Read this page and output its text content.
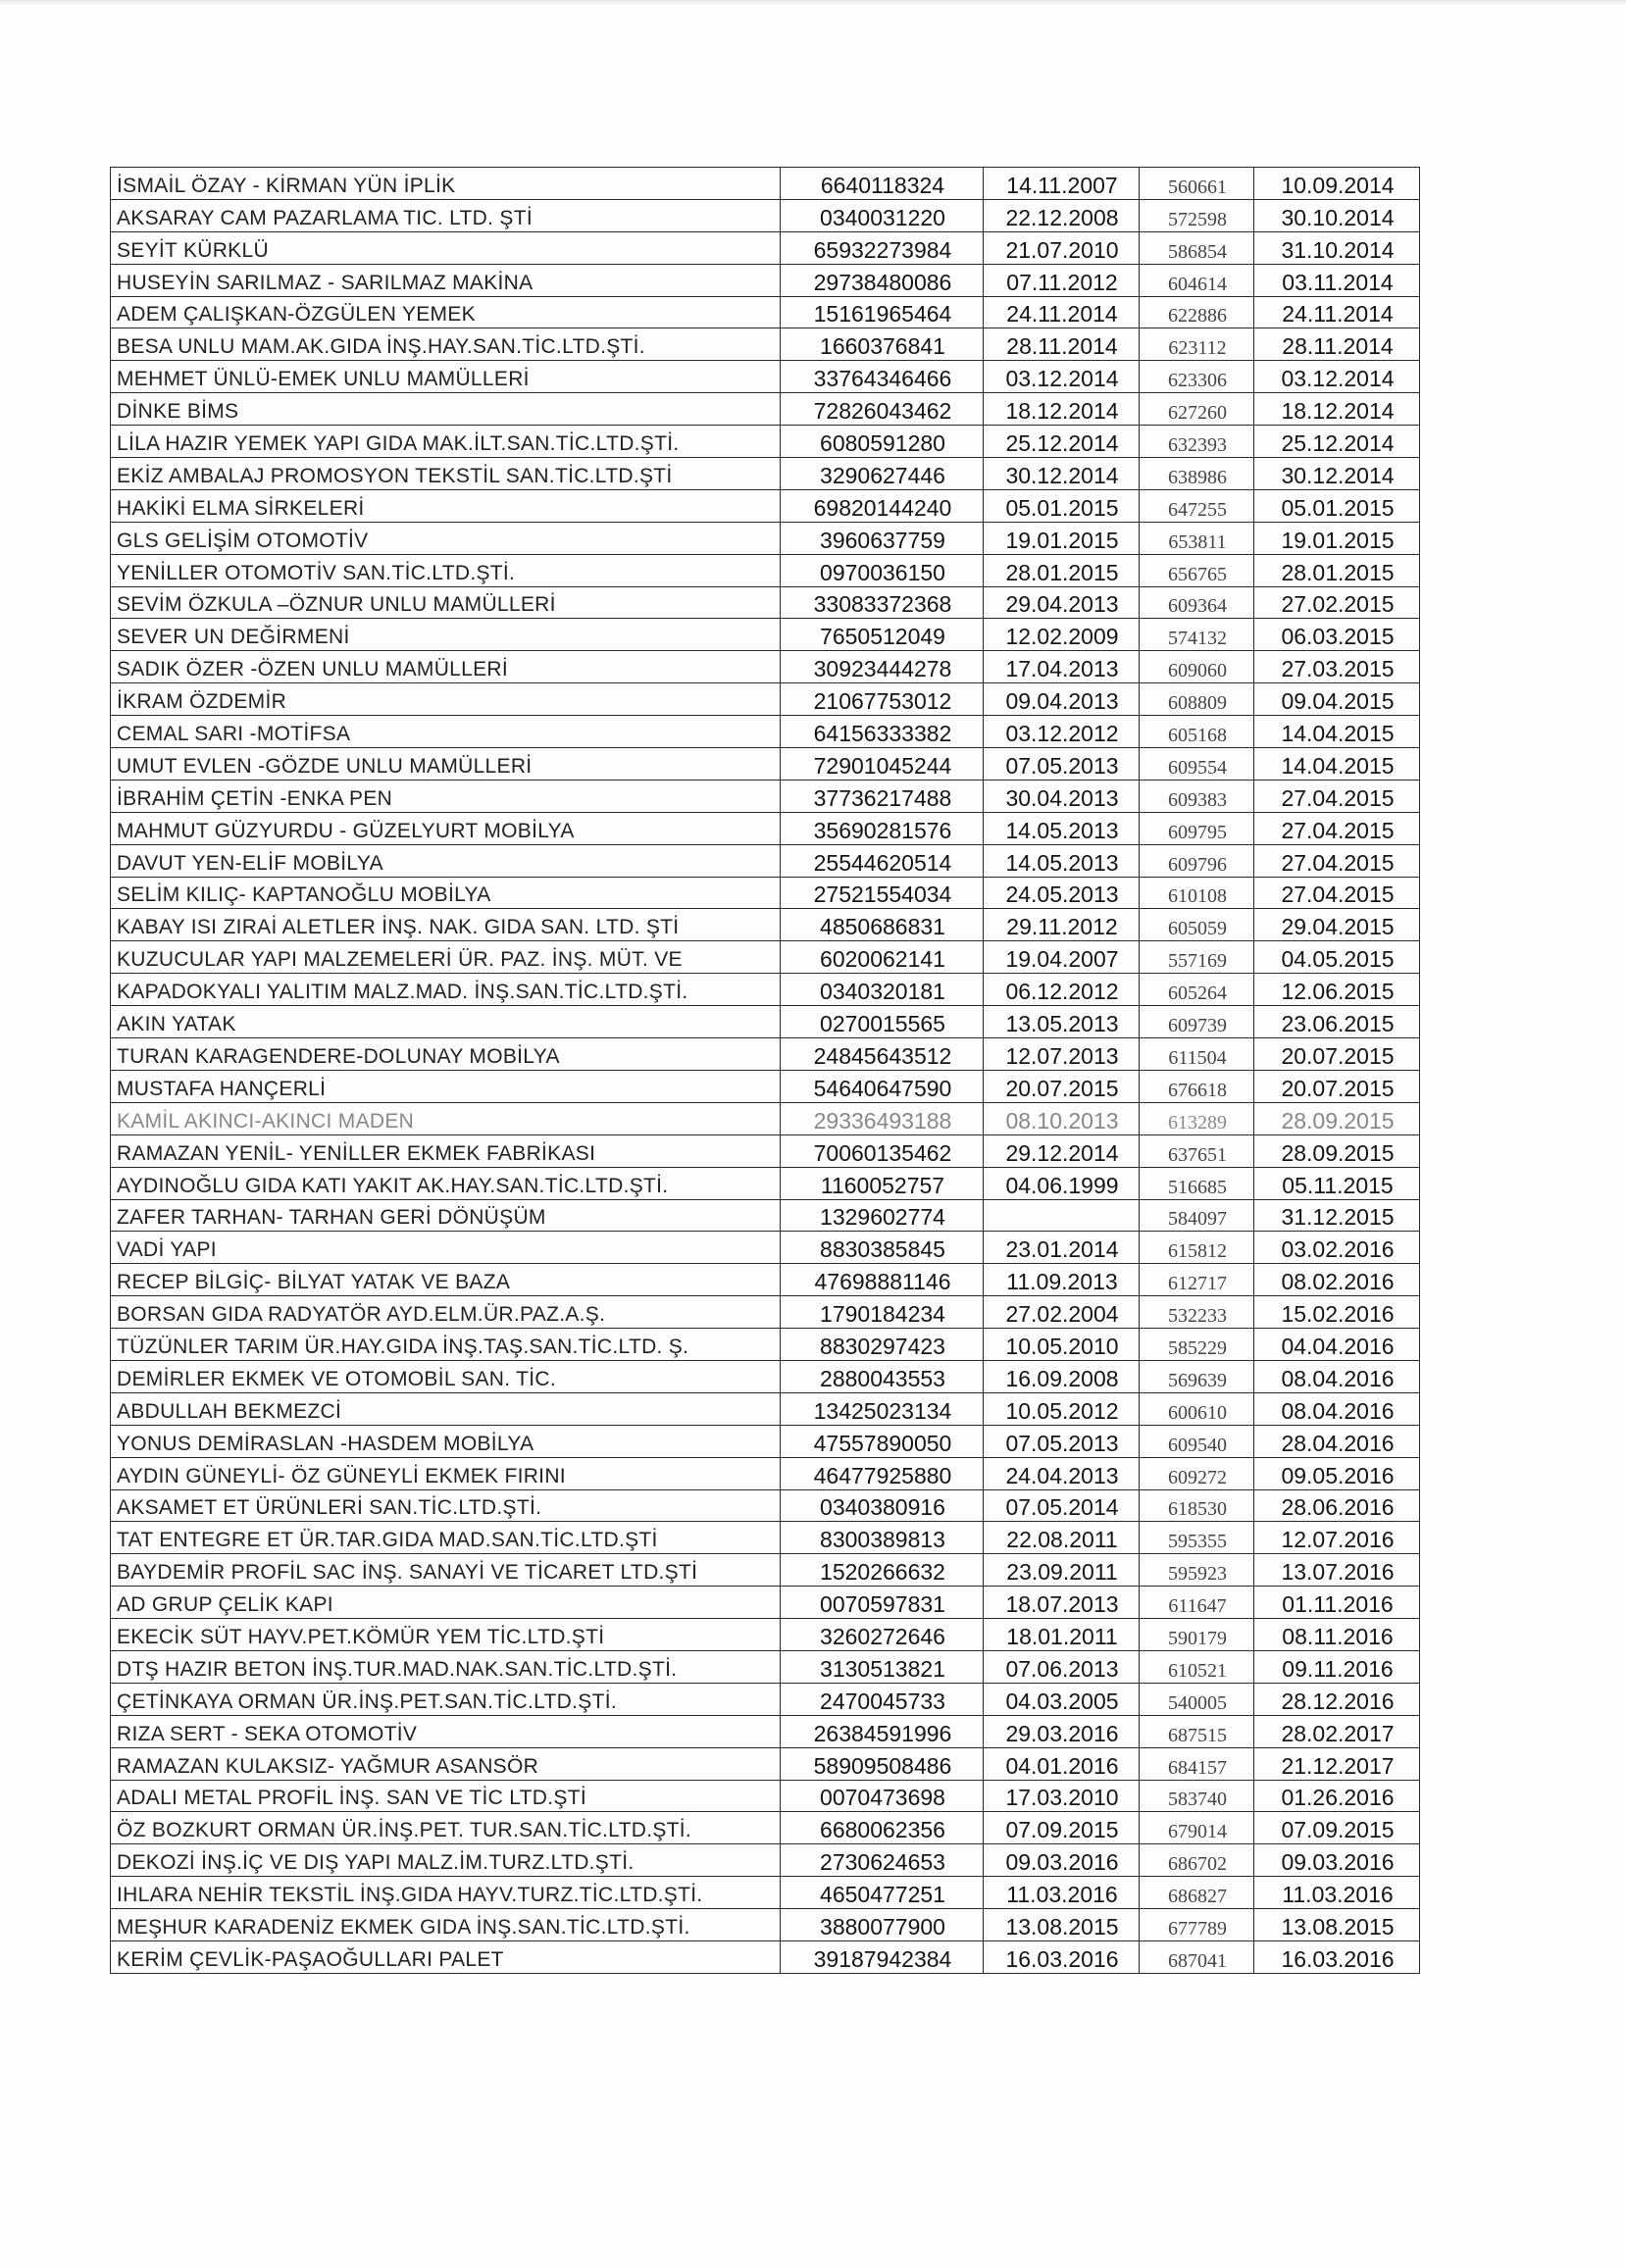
İSMAİL ÖZAY - KİRMAN YÜN İPLİK	6640118324	14.11.2007	560661	10.09.2014
AKSARAY CAM PAZARLAMA TIC. LTD. ŞTİ	0340031220	22.12.2008	572598	30.10.2014
SEYİT KÜRKLÜ	65932273984	21.07.2010	586854	31.10.2014
HUSEYİN SARILMAZ - SARILMAZ MAKİNA	29738480086	07.11.2012	604614	03.11.2014
ADEM ÇALIŞKAN-ÖZGÜLEN YEMEK	15161965464	24.11.2014	622886	24.11.2014
BESA UNLU MAM.AK.GIDA İNŞ.HAY.SAN.TİC.LTD.ŞTİ.	1660376841	28.11.2014	623112	28.11.2014
MEHMET ÜNLÜ-EMEK UNLU MAMÜLLERİ	33764346466	03.12.2014	623306	03.12.2014
DİNKE BİMS	72826043462	18.12.2014	627260	18.12.2014
LİLA HAZIR YEMEK YAPI GIDA MAK.İLT.SAN.TİC.LTD.ŞTİ.	6080591280	25.12.2014	632393	25.12.2014
EKİZ AMBALAJ PROMOSYON TEKSTİL SAN.TİC.LTD.ŞTİ	3290627446	30.12.2014	638986	30.12.2014
HAKİKİ ELMA SİRKELERİ	69820144240	05.01.2015	647255	05.01.2015
GLS GELİŞİM OTOMOTİV	3960637759	19.01.2015	653811	19.01.2015
YENİLLER OTOMOTİV SAN.TİC.LTD.ŞTİ.	0970036150	28.01.2015	656765	28.01.2015
SEVİM ÖZKULA –ÖZNUR UNLU MAMÜLLERİ	33083372368	29.04.2013	609364	27.02.2015
SEVER UN DEĞİRMENİ	7650512049	12.02.2009	574132	06.03.2015
SADIK ÖZER -ÖZEN UNLU MAMÜLLERİ	30923444278	17.04.2013	609060	27.03.2015
İKRAM ÖZDEMİR	21067753012	09.04.2013	608809	09.04.2015
CEMAL SARI -MOTİFSA	64156333382	03.12.2012	605168	14.04.2015
UMUT EVLEN -GÖZDE UNLU MAMÜLLERİ	72901045244	07.05.2013	609554	14.04.2015
İBRAHİM ÇETİN -ENKA PEN	37736217488	30.04.2013	609383	27.04.2015
MAHMUT GÜZYURDU - GÜZELYURT MOBİLYA	35690281576	14.05.2013	609795	27.04.2015
DAVUT YEN-ELİF MOBİLYA	25544620514	14.05.2013	609796	27.04.2015
SELİM KILIÇ- KAPTANOĞLU MOBİLYA	27521554034	24.05.2013	610108	27.04.2015
KABAY ISI ZIRAİ ALETLER İNŞ. NAK. GIDA SAN. LTD. ŞTİ	4850686831	29.11.2012	605059	29.04.2015
KUZUCULAR YAPI MALZEMELERİ ÜR. PAZ. İNŞ. MÜT. VE	6020062141	19.04.2007	557169	04.05.2015
KAPADOKYALI YALITIM MALZ.MAD. İNŞ.SAN.TİC.LTD.ŞTİ.	0340320181	06.12.2012	605264	12.06.2015
AKIN YATAK	0270015565	13.05.2013	609739	23.06.2015
TURAN KARAGENDERE-DOLUNAY MOBİLYA	24845643512	12.07.2013	611504	20.07.2015
MUSTAFA HANÇERLİ	54640647590	20.07.2015	676618	20.07.2015
KAMİL AKINCI-AKINCI MADEN	29336493188	08.10.2013	613289	28.09.2015
RAMAZAN YENİL- YENİLLER EKMEK FABRİKASI	70060135462	29.12.2014	637651	28.09.2015
AYDINOĞLU GIDA KATI YAKIT AK.HAY.SAN.TİC.LTD.ŞTİ.	1160052757	04.06.1999	516685	05.11.2015
ZAFER TARHAN- TARHAN GERİ DÖNÜŞÜM	1329602774		584097	31.12.2015
VADİ YAPI	8830385845	23.01.2014	615812	03.02.2016
RECEP BİLGİÇ- BİLYAT YATAK VE BAZA	47698881146	11.09.2013	612717	08.02.2016
BORSAN GIDA RADYATÖR AYD.ELM.ÜR.PAZ.A.Ş.	1790184234	27.02.2004	532233	15.02.2016
TÜZÜNLER TARIM ÜR.HAY.GIDA İNŞ.TAŞ.SAN.TİC.LTD. Ş.	8830297423	10.05.2010	585229	04.04.2016
DEMİRLER EKMEK VE OTOMOBİL SAN. TİC.	2880043553	16.09.2008	569639	08.04.2016
ABDULLAH BEKMEZCİ	13425023134	10.05.2012	600610	08.04.2016
YONUS DEMİRASLAN -HASDEM MOBİLYA	47557890050	07.05.2013	609540	28.04.2016
AYDIN GÜNEYLİ- ÖZ GÜNEYLİ EKMEK FIRINI	46477925880	24.04.2013	609272	09.05.2016
AKSAMET ET ÜRÜNLERİ SAN.TİC.LTD.ŞTİ.	0340380916	07.05.2014	618530	28.06.2016
TAT ENTEGRE ET ÜR.TAR.GIDA MAD.SAN.TİC.LTD.ŞTİ	8300389813	22.08.2011	595355	12.07.2016
BAYDEMİR PROFİL SAC İNŞ. SANAYİ VE TİCARET LTD.ŞTİ	1520266632	23.09.2011	595923	13.07.2016
AD GRUP ÇELİK KAPI	0070597831	18.07.2013	611647	01.11.2016
EKECİK SÜT HAYV.PET.KÖMÜR YEM TİC.LTD.ŞTİ	3260272646	18.01.2011	590179	08.11.2016
DTŞ HAZIR BETON İNŞ.TUR.MAD.NAK.SAN.TİC.LTD.ŞTİ.	3130513821	07.06.2013	610521	09.11.2016
ÇETİNKAYA ORMAN ÜR.İNŞ.PET.SAN.TİC.LTD.ŞTİ.	2470045733	04.03.2005	540005	28.12.2016
RIZA SERT - SEKA OTOMOTİV	26384591996	29.03.2016	687515	28.02.2017
RAMAZAN KULAKSIZ- YAĞMUR ASANSÖR	58909508486	04.01.2016	684157	21.12.2017
ADALI METAL PROFİL İNŞ. SAN VE TİC LTD.ŞTİ	0070473698	17.03.2010	583740	01.26.2016
ÖZ BOZKURT ORMAN ÜR.İNŞ.PET. TUR.SAN.TİC.LTD.ŞTİ.	6680062356	07.09.2015	679014	07.09.2015
DEKOZİ İNŞ.İÇ VE DIŞ YAPI MALZ.İM.TURZ.LTD.ŞTİ.	2730624653	09.03.2016	686702	09.03.2016
IHLARA NEHİR TEKSTİL İNŞ.GIDA HAYV.TURZ.TİC.LTD.ŞTİ.	4650477251	11.03.2016	686827	11.03.2016
MEŞHUR KARADENİZ EKMEK GIDA İNŞ.SAN.TİC.LTD.ŞTİ.	3880077900	13.08.2015	677789	13.08.2015
KERİM ÇEVLİK-PAŞAOĞULLARI PALET	39187942384	16.03.2016	687041	16.03.2016
